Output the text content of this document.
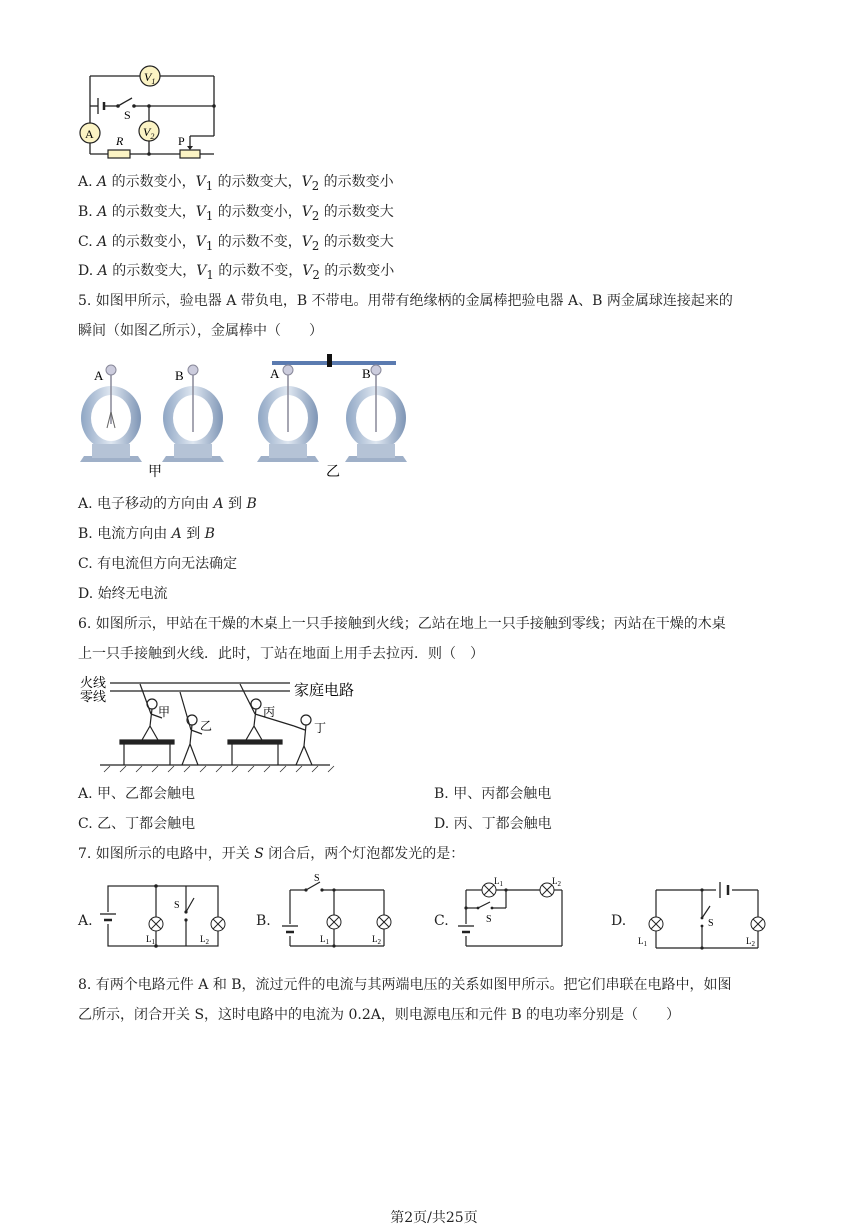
$V_1$
$V_2$
A R	P
S
A. A 的示数变小，$V_1$ 的示数变大，$V_2$ 的示数变小
B. A 的示数变大，$V_1$ 的示数变小，$V_2$ 的示数变大
C. A 的示数变小，$V_1$ 的示数不变，$V_2$ 的示数变大
D. A 的示数变大，$V_1$ 的示数不变，$V_2$ 的示数变小
5. 如图甲所示，验电器 A 带负电，B 不带电。用带有绝缘柄的金属棒把验电器 A、B 两金属球连接起来的
瞬间（如图乙所示），金属棒中（　　）
A	B
甲
A	B
乙
A. 电子移动的方向由 A 到 B
B. 电流方向由 A 到 B
C. 有电流但方向无法确定
D. 始终无电流
6. 如图所示，甲站在干燥的木桌上一只手接触到火线；乙站在地上一只手接触到零线；丙站在干燥的木桌
上一只手接触到火线．此时，丁站在地面上用手去拉丙．则（　）
火线
零线	家庭电路
甲
乙
丙
丁
A. 甲、乙都会触电	B. 甲、丙都会触电
C. 乙、丁都会触电	D. 丙、丁都会触电
7. 如图所示的电路中，开关 S 闭合后，两个灯泡都发光的是：
A.
S
$L_1$	$L_2$
B.
S
$L_1$	$L_2$
C.	S
$L_1$	$L_2$
D.	S
$L_1$	$L_2$
8. 有两个电路元件 A 和 B，流过元件的电流与其两端电压的关系如图甲所示。把它们串联在电路中，如图
乙所示，闭合开关 S，这时电路中的电流为 0.2A，则电源电压和元件 B 的电功率分别是（　　）
第2页/共25页
